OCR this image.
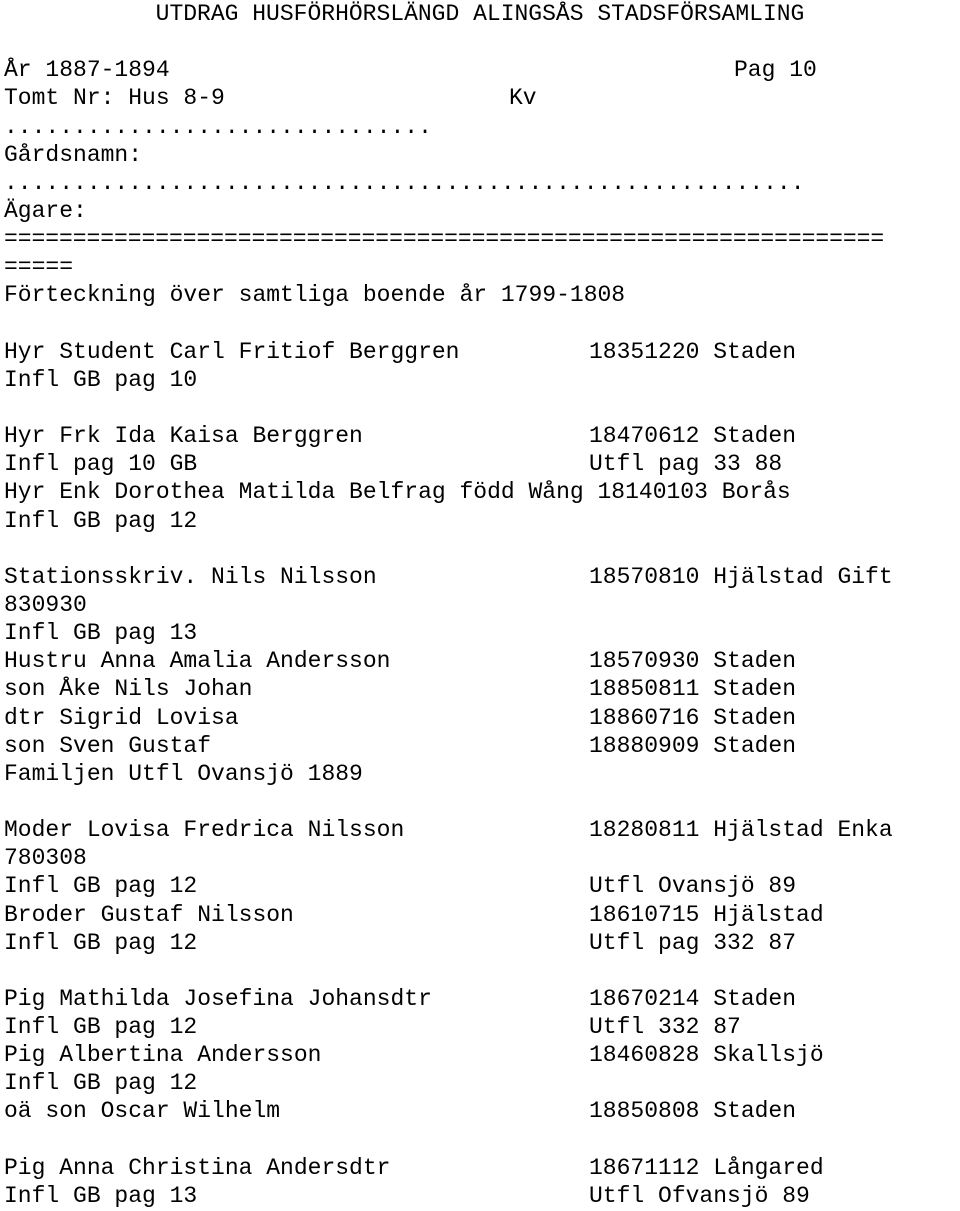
UTDRAG HUSFÖRHÖRSLÄNGD ALINGSÅS STADSFÖRSAMLING
År 1887-1894	Pag 10
Tomt Nr: Hus 8-9	Kv
...............................
Gårdsnamn:
..........................................................
Ägare:
================================================================
=====
Förteckning över samtliga boende år 1799-1808
Hyr Student Carl Fritiof Berggren	18351220 Staden
Infl GB pag 10
Hyr Frk Ida Kaisa Berggren	18470612 Staden
Infl pag 10 GB	Utfl pag 33 88
Hyr Enk Dorothea Matilda Belfrag född Wång 18140103 Borås
Infl GB pag 12
Stationsskriv. Nils Nilsson	18570810 Hjälstad Gift
830930
Infl GB pag 13
Hustru Anna Amalia Andersson	18570930 Staden
son Åke Nils Johan	18850811 Staden
dtr Sigrid Lovisa	18860716 Staden
son Sven Gustaf	18880909 Staden
Familjen Utfl Ovansjö 1889
Moder Lovisa Fredrica Nilsson	18280811 Hjälstad Enka
780308
Infl GB pag 12	Utfl Ovansjö 89
Broder Gustaf Nilsson	18610715 Hjälstad
Infl GB pag 12	Utfl pag 332 87
Pig Mathilda Josefina Johansdtr	18670214 Staden
Infl GB pag 12	Utfl 332 87
Pig Albertina Andersson	18460828 Skallsjö
Infl GB pag 12
oä son Oscar Wilhelm	18850808 Staden
Pig Anna Christina Andersdtr	18671112 Långared
Infl GB pag 13	Utfl Ofvansjö 89
